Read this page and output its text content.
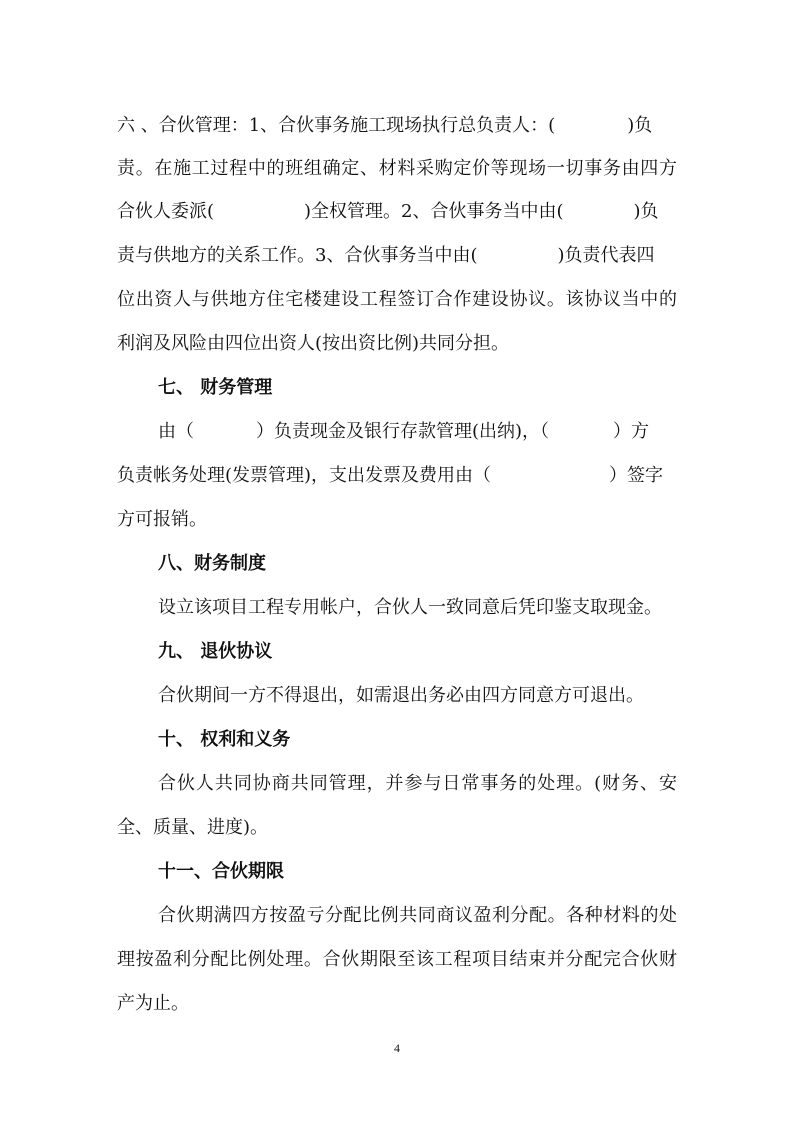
六 、合伙管理：1、合伙事务施工现场执行总负责人：(	)负
责。在施工过程中的班组确定、材料采购定价等现场一切事务由四方
合伙人委派(	)全权管理。2、合伙事务当中由(	)负
责与供地方的关系工作。3、合伙事务当中由(	)负责代表四
位出资人与供地方住宅楼建设工程签订合作建设协议。该协议当中的
利润及风险由四位出资人(按出资比例)共同分担。
七、 财务管理
由（	）负责现金及银行存款管理(出纳)，（	）方
负责帐务处理(发票管理)，支出发票及费用由（	）签字
方可报销。
八、财务制度
设立该项目工程专用帐户，合伙人一致同意后凭印鉴支取现金。
九、 退伙协议
合伙期间一方不得退出，如需退出务必由四方同意方可退出。
十、 权利和义务
合伙人共同协商共同管理，并参与日常事务的处理。(财务、安
全、质量、进度)。
十一、合伙期限
合伙期满四方按盈亏分配比例共同商议盈利分配。各种材料的处
理按盈利分配比例处理。合伙期限至该工程项目结束并分配完合伙财
产为止。
4
